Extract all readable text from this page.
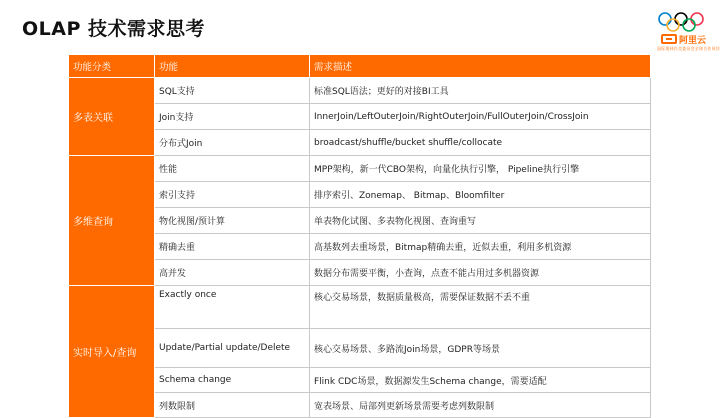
OLAP 技术需求思考
阿里云
国际奥林匹克委员会全球合作伙伴
功能分类	功能	需求描述
多表关联	SQL支持	标准SQL语法；更好的对接BI工具
	Join支持	InnerJoin/LeftOuterJoin/RightOuterJoin/FullOuterJoin/CrossJoin
	分布式Join	broadcast/shuffle/bucket shuffle/collocate
多维查询	性能	MPP架构，新一代CBO架构，向量化执行引擎， Pipeline执行引擎
	索引支持	排序索引、Zonemap、 Bitmap、Bloomfilter
	物化视图/预计算	单表物化试图、多表物化视图、查询重写
	精确去重	高基数列去重场景，Bitmap精确去重，近似去重，利用多机资源
	高并发	数据分布需要平衡，小查询，点查不能占用过多机器资源
实时导入/查询	Exactly once	核心交易场景，数据质量极高，需要保证数据不丢不重
	Update/Partial update/Delete	核心交易场景、多路流Join场景，GDPR等场景
	Schema change	Flink CDC场景，数据源发生Schema change，需要适配
	列数限制	宽表场景、局部列更新场景需要考虑列数限制
